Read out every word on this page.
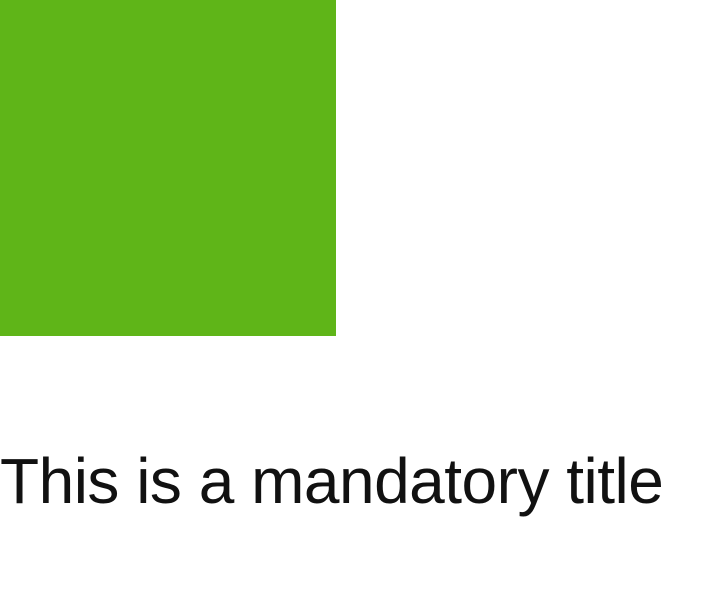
This is a mandatory title
